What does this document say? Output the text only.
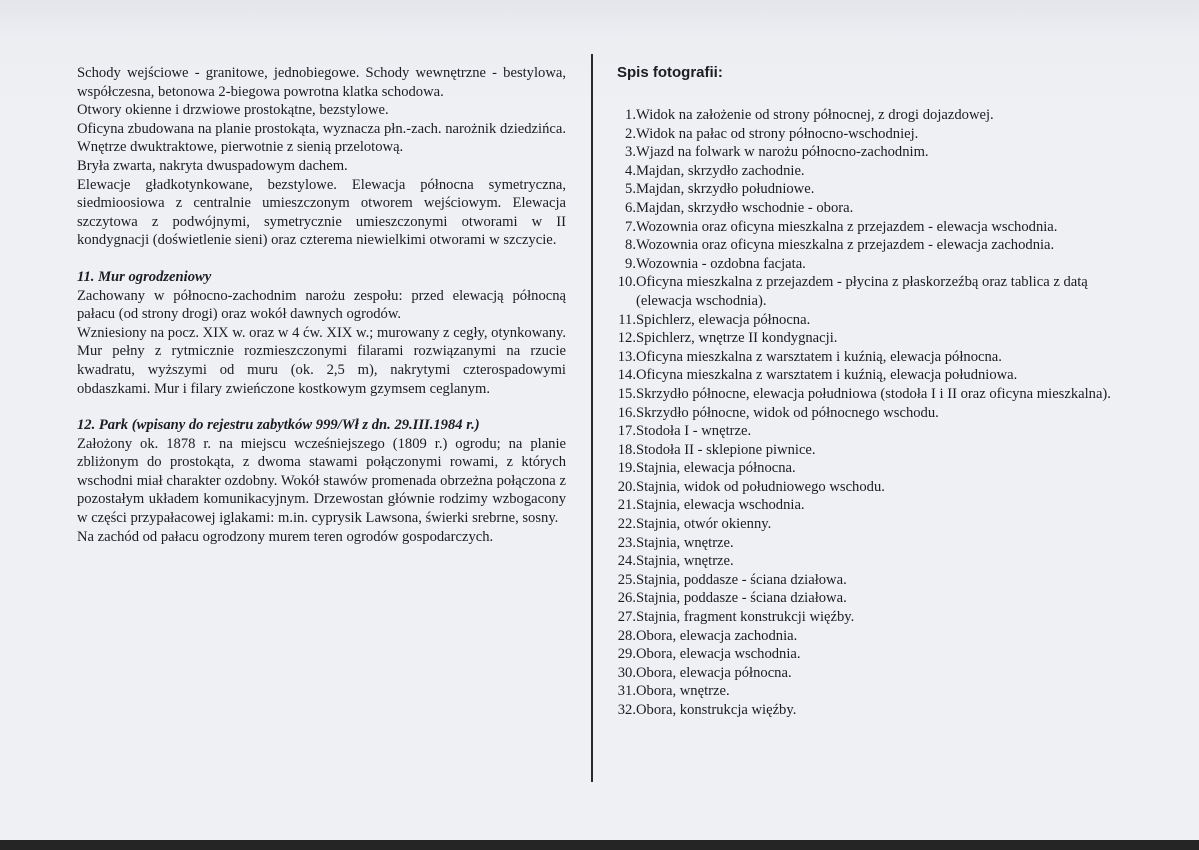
Schody wejściowe - granitowe, jednobiegowe. Schody wewnętrzne - bestylowa, współczesna, betonowa 2-biegowa powrotna klatka schodowa.

Otwory okienne i drzwiowe prostokątne, bezstylowe.

Oficyna zbudowana na planie prostokąta, wyznacza płn.-zach. narożnik dziedzińca. Wnętrze dwuktraktowe, pierwotnie z sienią przelotową.

Bryła zwarta, nakryta dwuspadowym dachem.

Elewacje gładkotynkowane, bezstylowe. Elewacja północna symetryczna, siedmioosiowa z centralnie umieszczonym otworem wejściowym. Elewacja szczytowa z podwójnymi, symetrycznie umieszczonymi otworami w II kondygnacji (doświetlenie sieni) oraz czterema niewielkimi otworami w szczycie.

11. Mur ogrodzeniowy

Zachowany w północno-zachodnim narożu zespołu: przed elewacją północną pałacu (od strony drogi) oraz wokół dawnych ogrodów.

Wzniesiony na pocz. XIX w. oraz w 4 ćw. XIX w.; murowany z cegły, otynkowany. Mur pełny z rytmicznie rozmieszczonymi filarami rozwiązanymi na rzucie kwadratu, wyższymi od muru (ok. 2,5 m), nakrytymi czterospadowymi obdaszkami. Mur i filary zwieńczone kostkowym gzymsem ceglanym.

12. Park (wpisany do rejestru zabytków 999/Wł z dn. 29.III.1984 r.)

Założony ok. 1878 r. na miejscu wcześniejszego (1809 r.) ogrodu; na planie zbliżonym do prostokąta, z dwoma stawami połączonymi rowami, z których wschodni miał charakter ozdobny. Wokół stawów promenada obrzeżna połączona z pozostałym układem komunikacyjnym. Drzewostan głównie rodzimy wzbogacony w części przypałacowej iglakami: m.in. cyprysik Lawsona, świerki srebrne, sosny.

Na zachód od pałacu ogrodzony murem teren ogrodów gospodarczych.

Spis fotografii:

1. Widok na założenie od strony północnej, z drogi dojazdowej.
2. Widok na pałac od strony północno-wschodniej.
3. Wjazd na folwark w narożu północno-zachodnim.
4. Majdan, skrzydło zachodnie.
5. Majdan, skrzydło południowe.
6. Majdan, skrzydło wschodnie - obora.
7. Wozownia oraz oficyna mieszkalna z przejazdem - elewacja wschodnia.
8. Wozownia oraz oficyna mieszkalna z przejazdem - elewacja zachodnia.
9. Wozownia - ozdobna facjata.
10. Oficyna mieszkalna z przejazdem - płycina z płaskorzeźbą oraz tablica z datą (elewacja wschodnia).
11. Spichlerz, elewacja północna.
12. Spichlerz, wnętrze II kondygnacji.
13. Oficyna mieszkalna z warsztatem i kuźnią, elewacja północna.
14. Oficyna mieszkalna z warsztatem i kuźnią, elewacja południowa.
15. Skrzydło północne, elewacja południowa (stodoła I i II oraz oficyna mieszkalna).
16. Skrzydło północne, widok od północnego wschodu.
17. Stodoła I - wnętrze.
18. Stodoła II - sklepione piwnice.
19. Stajnia, elewacja północna.
20. Stajnia, widok od południowego wschodu.
21. Stajnia, elewacja wschodnia.
22. Stajnia, otwór okienny.
23. Stajnia, wnętrze.
24. Stajnia, wnętrze.
25. Stajnia, poddasze - ściana działowa.
26. Stajnia, poddasze - ściana działowa.
27. Stajnia, fragment konstrukcji więźby.
28. Obora, elewacja zachodnia.
29. Obora, elewacja wschodnia.
30. Obora, elewacja północna.
31. Obora, wnętrze.
32. Obora, konstrukcja więźby.
